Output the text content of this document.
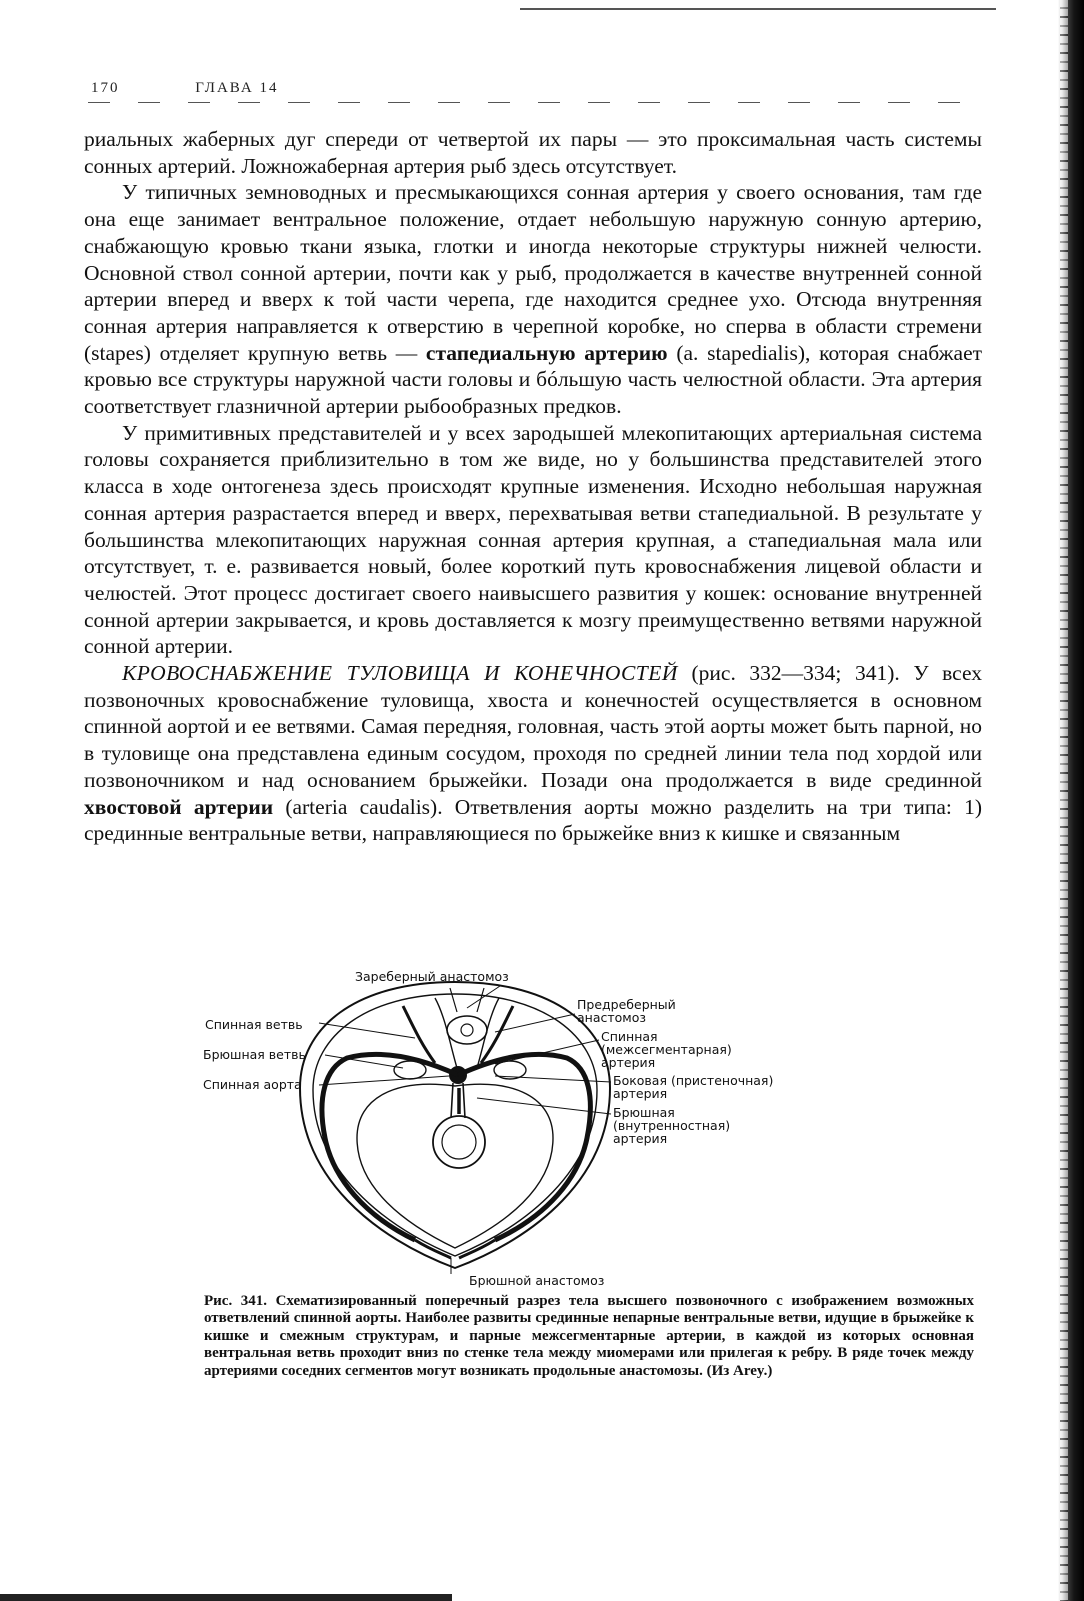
170	ГЛАВА 14

риальных жаберных дуг спереди от четвертой их пары — это проксимальная часть системы сонных артерий. Ложножаберная артерия рыб здесь отсутствует.

У типичных земноводных и пресмыкающихся сонная артерия у своего основания, там где она еще занимает вентральное положение, отдает небольшую наружную сонную артерию, снабжающую кровью ткани языка, глотки и иногда некоторые структуры нижней челюсти. Основной ствол сонной артерии, почти как у рыб, продолжается в качестве внутренней сонной артерии вперед и вверх к той части черепа, где находится среднее ухо. Отсюда внутренняя сонная артерия направляется к отверстию в черепной коробке, но сперва в области стремени (stapes) отделяет крупную ветвь — стапедиальную артерию (a. stapedialis), которая снабжает кровью все структуры наружной части головы и бóльшую часть челюстной области. Эта артерия соответствует глазничной артерии рыбообразных предков.

У примитивных представителей и у всех зародышей млекопитающих артериальная система головы сохраняется приблизительно в том же виде, но у большинства представителей этого класса в ходе онтогенеза здесь происходят крупные изменения. Исходно небольшая наружная сонная артерия разрастается вперед и вверх, перехватывая ветви стапедиальной. В результате у большинства млекопитающих наружная сонная артерия крупная, а стапедиальная мала или отсутствует, т. е. развивается новый, более короткий путь кровоснабжения лицевой области и челюстей. Этот процесс достигает своего наивысшего развития у кошек: основание внутренней сонной артерии закрывается, и кровь доставляется к мозгу преимущественно ветвями наружной сонной артерии.

КРОВОСНАБЖЕНИЕ ТУЛОВИЩА И КОНЕЧНОСТЕЙ (рис. 332—334; 341). У всех позвоночных кровоснабжение туловища, хвоста и конечностей осуществляется в основном спинной аортой и ее ветвями. Самая передняя, головная, часть этой аорты может быть парной, но в туловище она представлена единым сосудом, проходя по средней линии тела под хордой или позвоночником и над основанием брыжейки. Позади она продолжается в виде срединной хвостовой артерии (arteria caudalis). Ответвления аорты можно разделить на три типа: 1) срединные вентральные ветви, направляющиеся по брыжейке вниз к кишке и связанным

Зареберный анастомоз
Предреберный
анастомоз
Спинная ветвь
Брюшная ветвь
Спинная аорта
Спинная
(межсегментарная)
артерия
Боковая (пристеночная)
артерия
Брюшная
(внутренностная)
артерия
Брюшной анастомоз
Рис. 341. Схематизированный поперечный разрез тела высшего позвоночного с изображением возможных ответвлений спинной аорты. Наиболее развиты срединные непарные вентральные ветви, идущие в брыжейке к кишке и смежным структурам, и парные межсегментарные артерии, в каждой из которых основная вентральная ветвь проходит вниз по стенке тела между миомерами или прилегая к ребру. В ряде точек между артериями соседних сегментов могут возникать продольные анастомозы. (Из Arey.)
